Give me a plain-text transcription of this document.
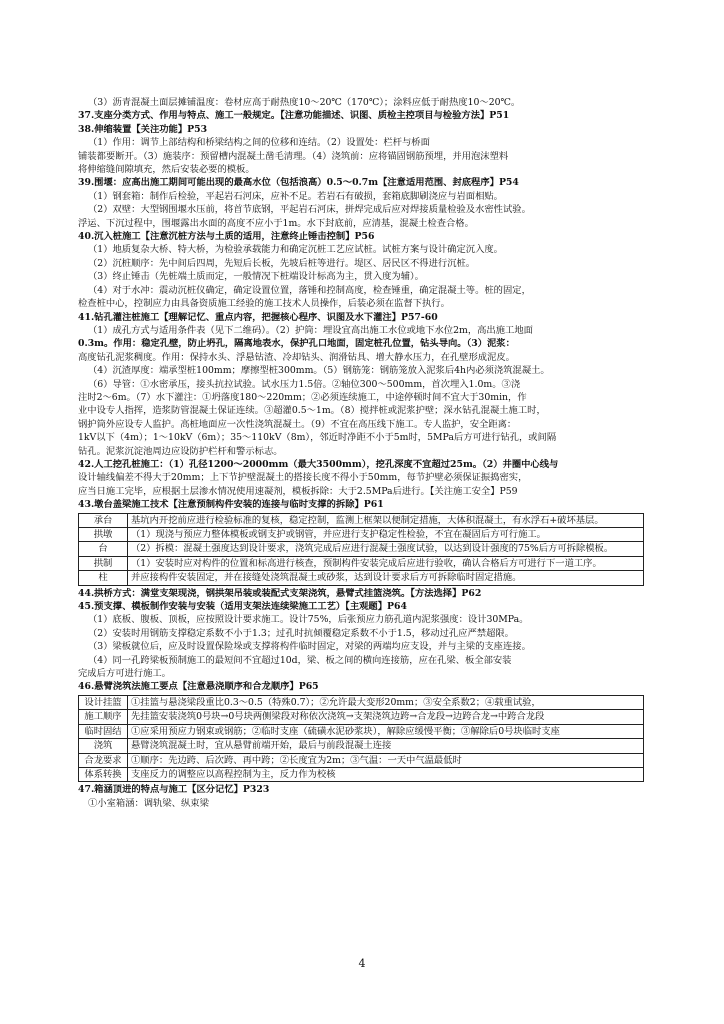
（3）沥青混凝土面层摊铺温度：卷材应高于耐热度10～20℃（170℃）；涂料应低于耐热度10～20℃。

37.支座分类方式、作用与特点、施工一般规定。【注意功能描述、识图、质检主控项目与检验方法】P51

38.伸缩装置【关注功能】P53

（1）作用：调节上部结构和桥梁结构之间的位移和连结。（2）设置处：栏杆与桥面

铺装都要断开。（3）施装序：预留槽内混凝土凿毛清理。（4）浇筑前：应将锚固钢筋预埋，并用泡沫塑料

将伸缩缝间隙填充，然后安装必要的模板。

39.围堰：应高出施工期间可能出现的最高水位（包括浪高）0.5～0.7m【注意适用范围、封底程序】P54

（1）钢套箱：制作后检验，平起岩石河床，应补不足。若岩石有破损，套箱底脚刷浇应与岩面相贴。

（2）双壁：大型钢围堰水压前，将首节底钢，平起岩石河床，拼焊完成后应对焊接质量检验及水密性试验。

浮运、下沉过程中，围堰露出水面的高度不应小于1m。水下封底前，应清基，混凝土检查合格。

40.沉入桩施工【注意沉桩方法与土质的适用，注意终止锤击控制】P56

（1）地质复杂大桥、特大桥，为检验承载能力和确定沉桩工艺应试桩。试桩方案与设计确定沉入度。

（2）沉桩顺序：先中间后四周，先短后长板，先坡后桩等进行。堤区、居民区不得进行沉桩。

（3）终止锤击（先桩端土质而定，一般情况下桩端设计标高为主，贯入度为辅）。

（4）对于水冲：震动沉桩仪确定，确定设置位置，落锤和控制高度，检查锤重，确定混凝土等。桩的固定，

检查桩中心，控制应力由具备资质施工经验的施工技术人员操作，后装必须在监督下执行。

41.钻孔灌注桩施工【理解记忆、重点内容，把握核心程序、识图及水下灌注】P57-60

（1）成孔方式与适用条件表（见下二维码）。（2）护筒：埋设宜高出施工水位或地下水位2m，高出施工地面

0.3m。作用：稳定孔壁，防止坍孔，隔离地表水，保护孔口地面，固定桩孔位置，钻头导向。（3）泥浆：

高度钻孔泥浆稠度。作用：保持水头、浮悬钻渣、冷却钻头、润滑钻具、增大静水压力，在孔壁形成泥皮。

（4）沉渣厚度：端承型桩100mm；摩擦型桩300mm。（5）钢筋笼：钢筋笼放入泥浆后4h内必须浇筑混凝土。

（6）导管：①水密承压，接头抗拉试验。试水压力1.5倍。②轴位300～500mm，首次埋入1.0m。③浇

注时2～6m。（7）水下灌注：①坍落度180～220mm；②必须连续施工，中途停顿时间不宜大于30min，作

业中设专人指挥，造浆防管混凝土保证连续。③超灌0.5～1m。（8）搅拌桩或泥浆护壁；深水钻孔混凝土施工时，

钢护筒外应设专人监护。高桩地面应一次性浇筑混凝土。（9）不宜在高压线下施工。专人监护，安全距离：

1kV以下（4m）；1～10kV（6m）；35～110kV（8m），邻近时净距不小于5m时，5MPa后方可进行钻孔，或间隔

钻孔。泥浆沉淀池周边应设防护栏杆和警示标志。

42.人工挖孔桩施工：（1）孔径1200～2000mm（最大3500mm），挖孔深度不宜超过25m。（2）井圈中心线与

设计轴线偏差不得大于20mm；上下节护壁混凝土的搭接长度不得小于50mm，每节护壁必须保证振捣密实，

应当日施工完毕，应根据土层渗水情况使用速凝剂，模板拆除：大于2.5MPa后进行。【关注施工安全】P59

43.墩台盖梁施工技术【注意预制构件安装的连接与临时支撑的拆除】P61

承台	基坑内开挖前应进行检验标准的复核，稳定控制，监测上框架以便制定措施，大体积混凝土，有水浮石+破坏基层。
拱墩	（1）现浇与预应力整体模板或钢支护或钢管，并应进行支护稳定性检验，不宜在凝固后方可行施工。
台	（2）拆模：混凝土强度达到设计要求，浇筑完成后应进行混凝土强度试验，以达到设计强度的75%后方可拆除模板。
拱制	（1）安装时应对构件的位置和标高进行核查，预制构件安装完成后应进行验收，确认合格后方可进行下一道工序。
柱	并应接构件安装固定，并在接缝处浇筑混凝土或砂浆，达到设计要求后方可拆除临时固定措施。

44.拱桥方式：满堂支架现浇，钢拱架吊装或装配式支架浇筑，悬臂式挂篮浇筑。【方法选择】P62

45.预支撑、模板制作安装与安装（适用支架法连续梁施工工艺）【主观题】P64

（1）底板、腹板、顶板，应按照设计要求施工。设计75%，后张预应力筋孔道内泥浆强度：设计30MPa。

（2）安装时用钢筋支撑稳定系数不小于1.3；过孔时抗倾覆稳定系数不小于1.5，移动过孔应严禁超限。

（3）梁板就位后，应及时设置保险垛或支撑将构件临时固定，对梁的两端均应支设，并与主梁的支座连接。

（4）同一孔跨梁板预制施工的最短间不宜超过10d，梁、板之间的横向连接筋，应在孔梁、板全部安装

完成后方可进行施工。

46.悬臂浇筑法施工要点【注意悬浇顺序和合龙顺序】P65

设计挂篮	①挂篮与悬浇梁段重比0.3～0.5（特殊0.7）；②允许最大变形20mm；③安全系数2；④载重试验，
施工顺序	先挂篮安装浇筑0号块→0号块两侧梁段对称依次浇筑→支架浇筑边跨→合龙段→边跨合龙→中跨合龙段
临时固结	①应采用预应力钢束或钢筋；②临时支座（硫磺水泥砂浆块），解除应缓慢平衡；③解除后0号块临时支座
浇筑	悬臂浇筑混凝土时，宜从悬臂前端开始，最后与前段混凝土连接
合龙要求	①顺序：先边跨、后次跨、再中跨；②长度宜为2m；③气温：一天中气温最低时
体系转换	支座反力的调整应以高程控制为主，反力作为校核

47.箱涵顶进的特点与施工【区分记忆】P323

①小室箱涵：调轨梁、纵束梁

4
